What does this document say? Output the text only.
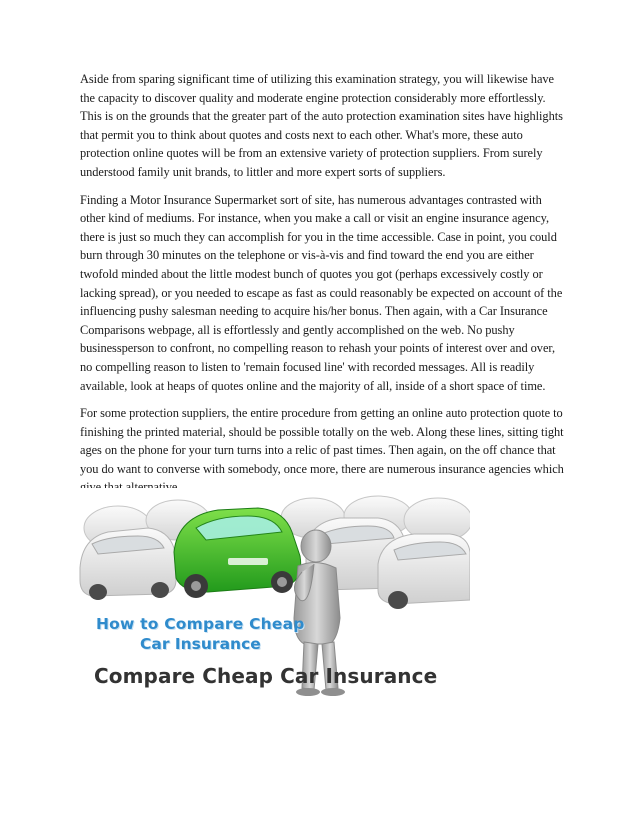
Aside from sparing significant time of utilizing this examination strategy, you will likewise have the capacity to discover quality and moderate engine protection considerably more effortlessly. This is on the grounds that the greater part of the auto protection examination sites have highlights that permit you to think about quotes and costs next to each other. What's more, these auto protection online quotes will be from an extensive variety of protection suppliers. From surely understood family unit brands, to littler and more expert sorts of suppliers.

Finding a Motor Insurance Supermarket sort of site, has numerous advantages contrasted with other kind of mediums. For instance, when you make a call or visit an engine insurance agency, there is just so much they can accomplish for you in the time accessible. Case in point, you could burn through 30 minutes on the telephone or vis-à-vis and find toward the end you are either twofold minded about the little modest bunch of quotes you got (perhaps excessively costly or lacking spread), or you needed to escape as fast as could reasonably be expected on account of the influencing pushy salesman needing to acquire his/her bonus. Then again, with a Car Insurance Comparisons webpage, all is effortlessly and gently accomplished on the web. No pushy businessperson to confront, no compelling reason to rehash your points of interest over and over, no compelling reason to listen to 'remain focused line' with recorded messages. All is readily available, look at heaps of quotes online and the majority of all, inside of a short space of time.

For some protection suppliers, the entire procedure from getting an online auto protection quote to finishing the printed material, should be possible totally on the web. Along these lines, sitting tight ages on the phone for your turn turns into a relic of past times. Then again, on the off chance that you do want to converse with somebody, once more, there are numerous insurance agencies which

How to Compare Cheap
Car Insurance
Compare Cheap Car Insurance
